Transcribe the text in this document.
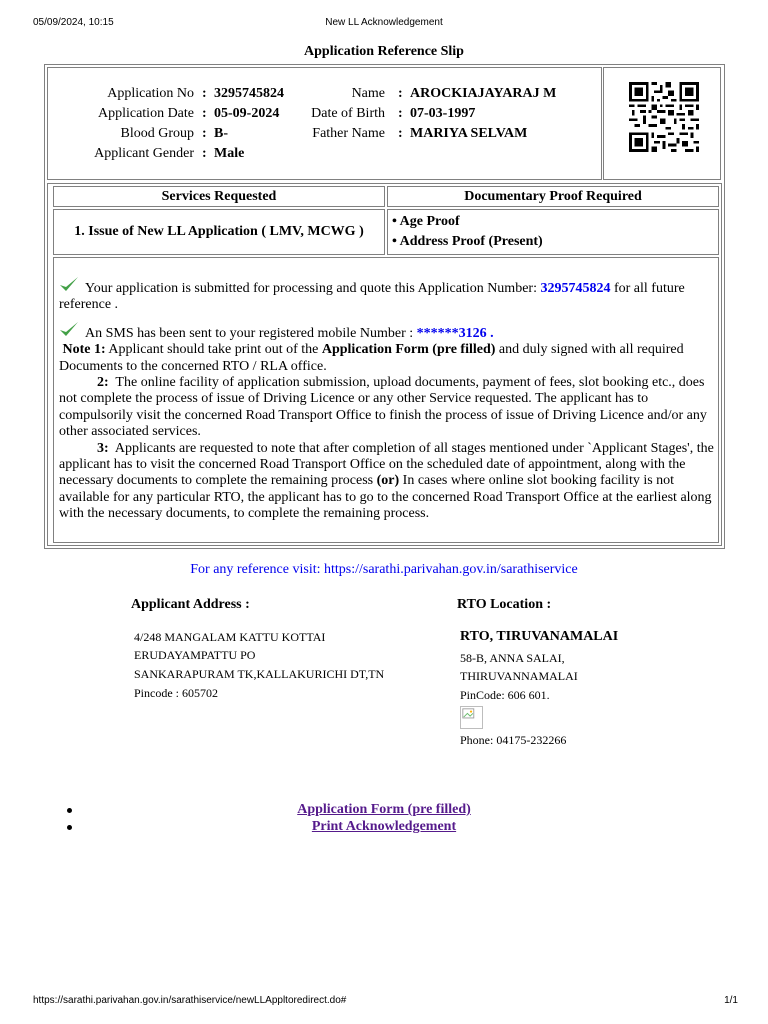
05/09/2024, 10:15	New LL Acknowledgement
Application Reference Slip
Application No : 3295745824
Application Date : 05-09-2024
Blood Group : B-
Applicant Gender : Male
Name : AROCKIAJAYARAJ M
Date of Birth : 07-03-1997
Father Name : MARIYA SELVAM
Services Requested	Documentary Proof Required
1. Issue of New LL Application ( LMV, MCWG )
• Age Proof
• Address Proof (Present)

Your application is submitted for processing and quote this Application Number: 3295745824 for all future reference .

An SMS has been sent to your registered mobile Number : ******3126 .

Note 1: Applicant should take print out of the Application Form (pre filled) and duly signed with all required Documents to the concerned RTO / RLA office.

2: The online facility of application submission, upload documents, payment of fees, slot booking etc., does not complete the process of issue of Driving Licence or any other Service requested. The applicant has to compulsorily visit the concerned Road Transport Office to finish the process of issue of Driving Licence and/or any other associated services.

3: Applicants are requested to note that after completion of all stages mentioned under `Applicant Stages', the applicant has to visit the concerned Road Transport Office on the scheduled date of appointment, along with the necessary documents to complete the remaining process (or) In cases where online slot booking facility is not available for any particular RTO, the applicant has to go to the concerned Road Transport Office at the earliest along with the necessary documents, to complete the remaining process.

For any reference visit: https://sarathi.parivahan.gov.in/sarathiservice
Applicant Address :
4/248 MANGALAM KATTU KOTTAI
ERUDAYAMPATTU PO
SANKARAPURAM TK,KALLAKURICHI DT,TN
Pincode : 605702
RTO Location :
RTO, TIRUVANAMALAI
58-B, ANNA SALAI,
THIRUVANNAMALAI
PinCode: 606 601.
Phone: 04175-232266
Application Form (pre filled)
Print Acknowledgement
https://sarathi.parivahan.gov.in/sarathiservice/newLLAppltoredirect.do#	1/1
